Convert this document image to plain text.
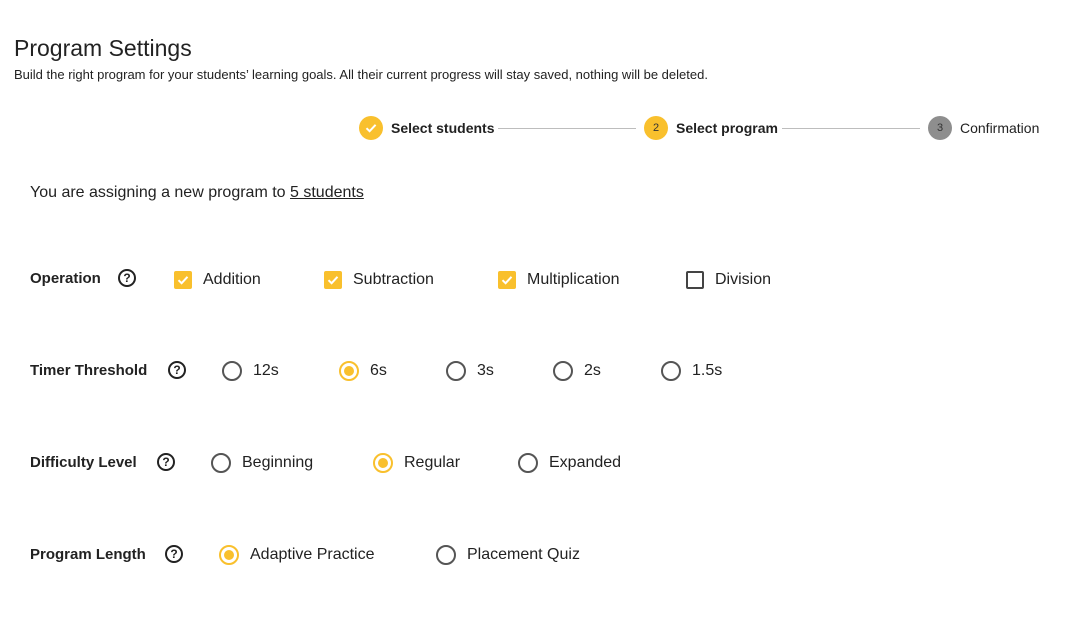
Program Settings
Build the right program for your students’ learning goals. All their current progress will stay saved, nothing will be deleted.
Select students	2	Select program	3	Confirmation
You are assigning a new program to 5 students
Operation	?	Addition	Subtraction	Multiplication	Division
Timer Threshold	?	12s	6s	3s	2s	1.5s
Difficulty Level	?	Beginning	Regular	Expanded
Program Length	?	Adaptive Practice	Placement Quiz
